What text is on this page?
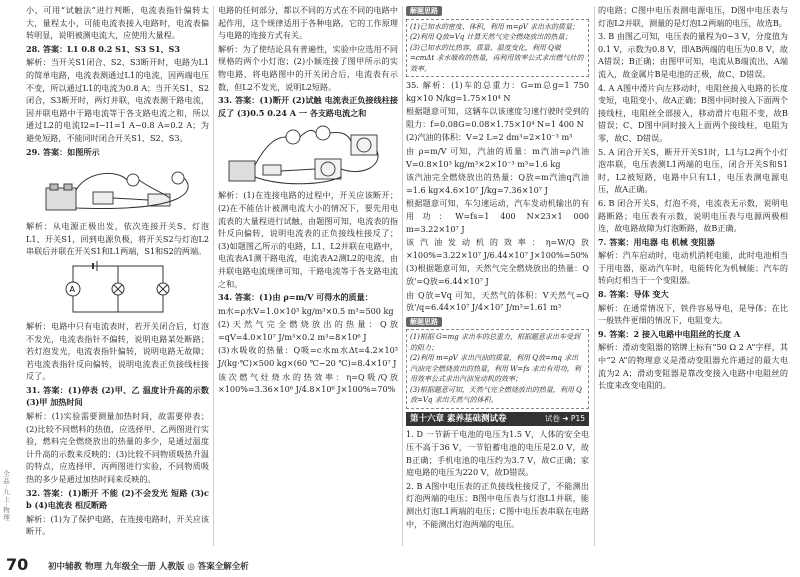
小，可用“试触法”进行判断，电流表指针偏转太大，量程太小，可能电流表接入电路时，电流表偏转明显，说明被测电流大，应使用大量程。

28. 答案：L1 0.8 0.2 S1、S3 S1、S3

解析：当开关S1闭合、S2、S3断开时，电路为L1的简单电路，电流表测通过L1的电流，因两端电压不变，所以通过L1的电流为0.8 A；当开关S1、S2闭合，S3断开时，两灯并联，电流表测干路电流，因并联电路中干路电流等于各支路电流之和，所以通过L2的电流I2=I−I1=1 A−0.8 A=0.2 A；为避免短路，不能同时闭合开关S1、S2、S3。

29. 答案：如图所示

解析：从电源正极出发，依次连接开关S、灯泡L1、开关S1，回到电源负极，将开关S2与灯泡L2串联后并联在开关S1和L1两端，S1和S2的两端。

A

解析：电路中只有电流表时，若开关闭合后，灯泡不发光，电流表指针不偏转，说明电路某处断路；若灯泡发光，电流表指针偏转，说明电路无故障；若电流表指针反向偏转，说明电流表正负接线柱接反了。

31. 答案：(1)停表 (2)甲、乙 温度计升高的示数 (3)甲 加热时间

解析：(1)实验需要测量加热时间，故需要停表；(2)比较不同燃料的热值，应选择甲、乙两图进行实验，燃料完全燃烧放出的热量的多少，是通过温度计升高的示数来反映的；(3)比较不同物质吸热升温的特点，应选择甲、丙两图进行实验，不同物质吸热的多少是通过加热时间来反映的。

32. 答案：(1)断开 不能 (2)不会发光 短路 (3)c b (4)电流表 相反断路

解析：(1)为了保护电路，在连接电路时，开关应该断开。

电路的任何部分，都以不同的方式在不同的电路中起作用，这个规律适用于各种电路，它的工作原理与电路的连接方式有关。

解析：为了使结论具有普遍性，实验中应选用不同规格的两个小灯泡；(2)小颖连接了图甲所示的实物电路，将电路图中的开关闭合后，电流表有示数，但L2不发光，说明L2短路。

33. 答案：(1)断开 (2)试触 电流表正负接线柱接反了 (3)0.5 0.24 A 一 各支路电流之和

解析：(1)在连接电路的过程中，开关应该断开；(2)在不能估计被测电流大小的情况下，要先用电流表的大量程进行试触，由题图可知，电流表的指针反向偏转，说明电流表的正负接线柱接反了；(3)如题图乙所示的电路，L1、L2并联在电路中，电流表A1测干路电流，电流表A2测L2的电流，由并联电路电流规律可知，干路电流等于各支路电流之和。

34. 答案：(1)由 ρ=m/V 可得水的质量：

m水=ρ水V=1.0×10³ kg/m³×0.5 m³=500 kg

(2)天然气完全燃烧放出的热量：Q放=qV=4.0×10⁷ J/m³×0.2 m³=8×10⁶ J

(3)水吸收的热量：Q吸=c水m水Δt=4.2×10³ J/(kg·℃)×500 kg×(60 ℃−20 ℃)=8.4×10⁷ J

该次燃气灶烧水的热效率：η=Q吸/Q放×100%=3.36×10⁶ J/4.8×10⁶ J×100%=70%

解题思路
(1)已知水的密度、体积，利用 m=ρV 求出水的质量；
(2)利用 Q放=Vq 计算天然气完全燃烧放出的热量；
(3)已知水的比热容、质量、温度变化，利用 Q吸=cmΔt 求水吸收的热量，再利用效率公式求出燃气灶的效率。

35. 解析：(1)车的总重力：G=m总g=1 750 kg×10 N/kg=1.75×10⁴ N

根据题意可知，这辆车以该速度匀速行驶时受到的阻力：f=0.08G=0.08×1.75×10⁴ N=1 400 N

(2)汽油的体积：V=2 L=2 dm³=2×10⁻³ m³

由 ρ=m/V 可知，汽油的质量：m汽油=ρ汽油V=0.8×10³ kg/m³×2×10⁻³ m³=1.6 kg

该汽油完全燃烧放出的热量：Q放=m汽油q汽油=1.6 kg×4.6×10⁷ J/kg=7.36×10⁷ J

根据题意可知，车匀速运动，汽车发动机输出的有用功：W=fs=1 400 N×23×1 000 m=3.22×10⁷ J

该汽油发动机的效率：η=W/Q放×100%=3.22×10⁷ J/6.44×10⁷ J×100%=50%

(3)根据题意可知，天然气完全燃烧放出的热量：Q放'=Q放=6.44×10⁷ J

由 Q放=Vq 可知，天然气的体积：V天然气=Q放'/q=6.44×10⁷ J/4×10⁷ J/m³=1.61 m³

解题思路
(1)根据 G=mg 求出车的总重力，根据题意求出车受到的阻力；
(2)利用 m=ρV 求出汽油的质量，利用 Q放=mq 求出汽油完全燃烧放出的热量，利用 W=fs 求出有用功，利用效率公式求出汽油发动机的效率；
(3)根据题意可知，天然气完全燃烧放出的热量，利用 Q放=Vq 求出天然气的体积。
第十六章 素养基础测试卷	试卷 ➜ P15

1. D 一节新干电池的电压为1.5 V，人体的安全电压不高于36 V，一节铅蓄电池的电压是2.0 V，故B正确；手机电池的电压约为3.7 V，故C正确；家庭电路的电压为220 V，故D错误。

2. B A图中电压表的正负接线柱接反了，不能测出灯泡两端的电压；B图中电压表与灯泡L1并联，能测出灯泡L1两端的电压；C图中电压表串联在电路中，不能测出灯泡两端的电压。

的电路；C图中电压表测电源电压，D图中电压表与灯泡L2并联，测量的是灯泡L2两端的电压，故选B。

3. B 由图乙可知，电压表的量程为0~3 V，分度值为0.1 V，示数为0.8 V，即AB两端的电压为0.8 V，故A错误；B正确；由图甲可知，电流从B端流出，A端流入，故金属片B是电池的正极，故C、D错误。

4. A A图中滑片向左移动时，电阻丝接入电路的长度变短，电阻变小，故A正确；B图中同时接入下面两个接线柱，电阻丝全部接入，移动滑片电阻不变，故B错误；C、D图中同时接入上面两个接线柱，电阻为零，故C、D错误。

5. A 闭合开关S，断开开关S1时，L1与L2两个小灯泡串联，电压表测L1两端的电压，闭合开关S和S1时，L2被短路，电路中只有L1，电压表测电源电压，故A正确。

6. B 闭合开关S，灯泡不亮，电流表无示数，说明电路断路；电压表有示数，说明电压表与电源两极相连，故电路故障为灯泡断路，故B正确。

7. 答案：用电器 电 机械 变阻器

解析：汽车启动时，电动机消耗电能，此时电池相当于用电器，驱动汽车时，电能转化为机械能；汽车的转向灯相当于一个变阻器。

8. 答案：导体 变大

解析：在通常情况下，铁件容易导电，是导体；在比一般铁件更细的情况下，电阻变大。

9. 答案：2 接入电路中电阻丝的长度 A

解析：滑动变阻器的铭牌上标有“50 Ω 2 A”字样，其中“2 A”的物理意义是滑动变阻器允许通过的最大电流为2 A；滑动变阻器是靠改变接入电路中电阻丝的长度来改变电阻的。

全品·九上·物理
70 初中辅教 物理 九年级全一册 人教版 ◎ 答案全解全析
